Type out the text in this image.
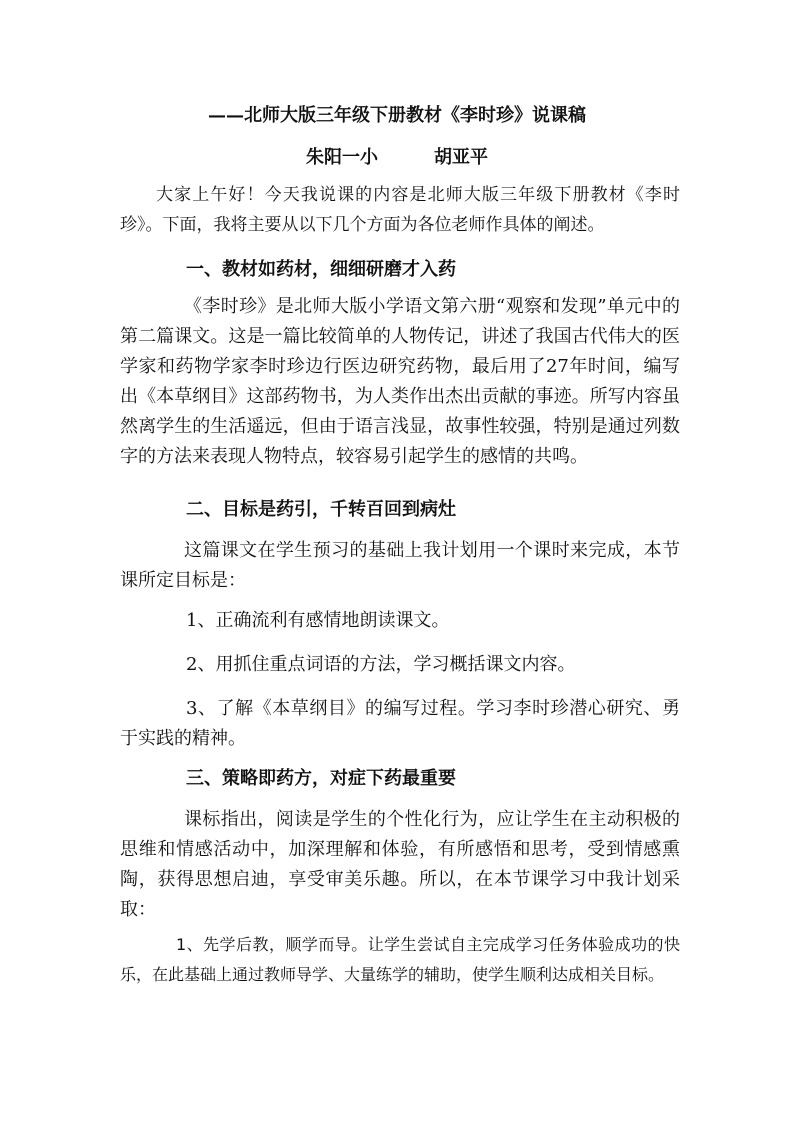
——北师大版三年级下册教材《李时珍》说课稿
朱阳一小	胡亚平
大家上午好！今天我说课的内容是北师大版三年级下册教材《李时珍》。下面，我将主要从以下几个方面为各位老师作具体的阐述。
一、教材如药材，细细研磨才入药
《李时珍》是北师大版小学语文第六册“观察和发现”单元中的第二篇课文。这是一篇比较简单的人物传记，讲述了我国古代伟大的医学家和药物学家李时珍边行医边研究药物，最后用了27年时间，编写出《本草纲目》这部药物书，为人类作出杰出贡献的事迹。所写内容虽然离学生的生活遥远，但由于语言浅显，故事性较强，特别是通过列数字的方法来表现人物特点，较容易引起学生的感情的共鸣。
二、目标是药引，千转百回到病灶
这篇课文在学生预习的基础上我计划用一个课时来完成，本节课所定目标是：
1、正确流利有感情地朗读课文。
2、用抓住重点词语的方法，学习概括课文内容。
3、了解《本草纲目》的编写过程。学习李时珍潜心研究、勇于实践的精神。
三、策略即药方，对症下药最重要
课标指出，阅读是学生的个性化行为，应让学生在主动积极的思维和情感活动中，加深理解和体验，有所感悟和思考，受到情感熏陶，获得思想启迪，享受审美乐趣。所以，在本节课学习中我计划采取：
1、先学后教，顺学而导。让学生尝试自主完成学习任务体验成功的快乐，在此基础上通过教师导学、大量练学的辅助，使学生顺利达成相关目标。
